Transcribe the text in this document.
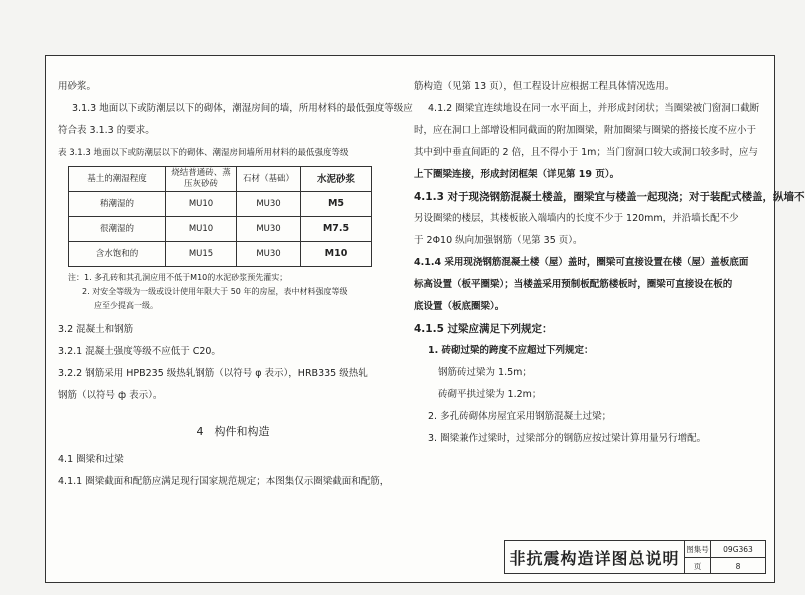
用砂浆。

3.1.3 地面以下或防潮层以下的砌体，潮湿房间的墙，所用材料的最低强度等级应

符合表 3.1.3 的要求。

表 3.1.3 地面以下或防潮层以下的砌体、潮湿房间墙所用材料的最低强度等级

基土的潮湿程度	烧结普通砖、蒸压灰砂砖	石材（基础）	水泥砂浆
稍潮湿的	MU10	MU30	M5
很潮湿的	MU10	MU30	M7.5
含水饱和的	MU15	MU30	M10
注：1. 多孔砖和其孔洞应用不低于M10的水泥砂浆预先灌实；
2. 对安全等级为一级或设计使用年限大于 50 年的房屋，表中材料强度等级
应至少提高一级。

3.2 混凝土和钢筋

3.2.1 混凝土强度等级不应低于 C20。

3.2.2 钢筋采用 HPB235 级热轧钢筋（以符号 φ 表示），HRB335 级热轧

钢筋（以符号 ф 表示）。

4　构件和构造

4.1 圈梁和过梁

4.1.1 圈梁截面和配筋应满足现行国家规范规定；本图集仅示圈梁截面和配筋，

筋构造（见第 13 页），但工程设计应根据工程具体情况选用。

4.1.2 圈梁宜连续地设在同一水平面上，并形成封闭状；当圈梁被门窗洞口截断

时，应在洞口上部增设相同截面的附加圈梁，附加圈梁与圈梁的搭接长度不应小于

其中到中垂直间距的 2 倍，且不得小于 1m；当门窗洞口较大或洞口较多时，应与

上下圈梁连接，形成封闭框架（详见第 19 页）。

4.1.3 对于现浇钢筋混凝土楼盖，圈梁宜与楼盖一起现浇；对于装配式楼盖，纵墙不

另设圈梁的楼层，其楼板嵌入端墙内的长度不少于 120mm，并沿墙长配不少

于 2Φ10 纵向加强钢筋（见第 35 页）。

4.1.4 采用现浇钢筋混凝土楼（屋）盖时，圈梁可直接设置在楼（屋）盖板底面

标高设置（板平圈梁）；当楼盖采用预制板配筋楼板时，圈梁可直接设在板的

底设置（板底圈梁）。

4.1.5 过梁应满足下列规定：

1. 砖砌过梁的跨度不应超过下列规定：

钢筋砖过梁为 1.5m；

砖砌平拱过梁为 1.2m；

2. 多孔砖砌体房屋宜采用钢筋混凝土过梁；

3. 圈梁兼作过梁时，过梁部分的钢筋应按过梁计算用量另行增配。

非抗震构造详图总说明 图集号	09G363
页	8
